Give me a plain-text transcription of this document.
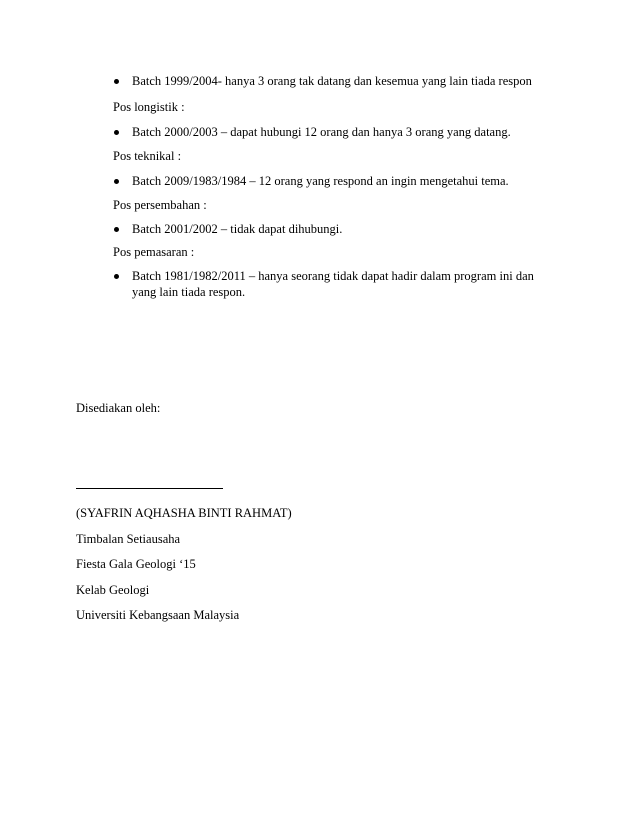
Batch 1999/2004- hanya 3 orang tak datang dan kesemua yang lain tiada respon
Pos longistik :
Batch 2000/2003 – dapat hubungi 12 orang dan hanya 3 orang yang datang.
Pos teknikal :
Batch 2009/1983/1984 – 12 orang yang respond an ingin mengetahui tema.
Pos persembahan :
Batch 2001/2002 – tidak dapat dihubungi.
Pos pemasaran :
Batch 1981/1982/2011 – hanya seorang tidak dapat hadir dalam program ini dan yang lain tiada respon.
Disediakan oleh:
(SYAFRIN AQHASHA BINTI RAHMAT)
Timbalan Setiausaha
Fiesta Gala Geologi ‘15
Kelab Geologi
Universiti Kebangsaan Malaysia
